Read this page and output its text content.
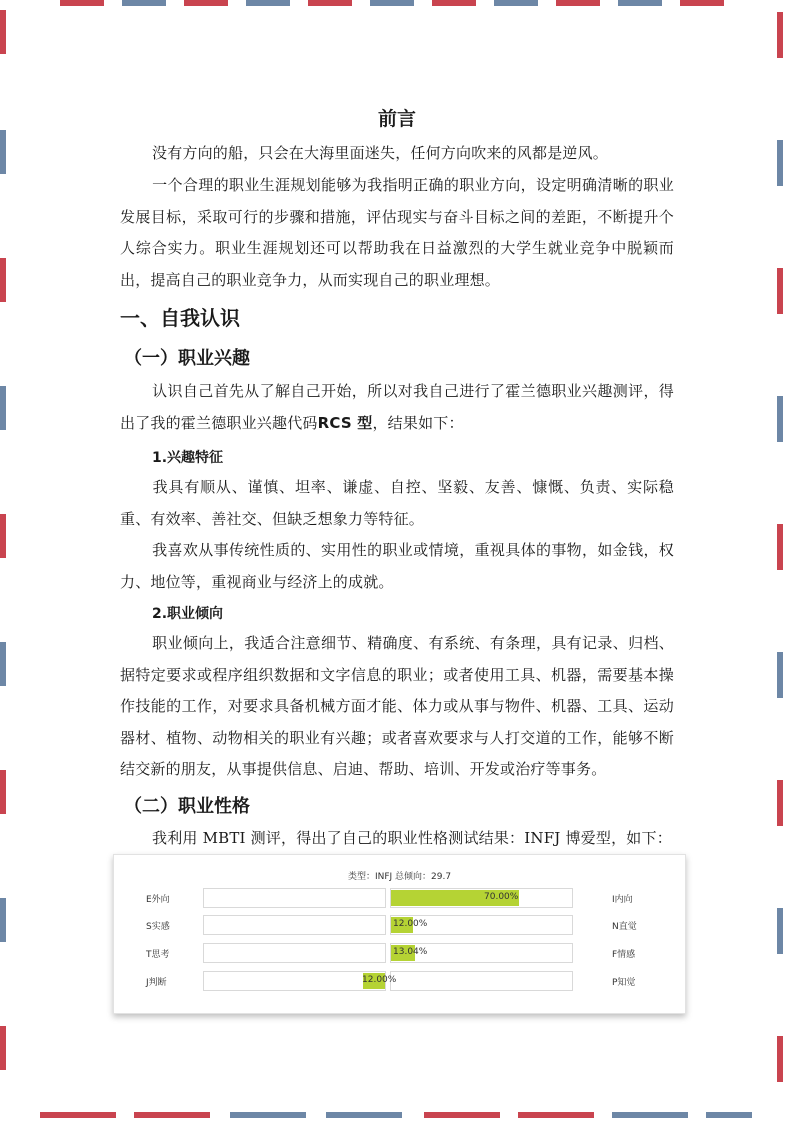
前言
没有方向的船，只会在大海里面迷失，任何方向吹来的风都是逆风。
一个合理的职业生涯规划能够为我指明正确的职业方向，设定明确清晰的职业发展目标，采取可行的步骤和措施，评估现实与奋斗目标之间的差距，不断提升个人综合实力。职业生涯规划还可以帮助我在日益激烈的大学生就业竞争中脱颖而出，提高自己的职业竞争力，从而实现自己的职业理想。
一、自我认识
（一）职业兴趣
认识自己首先从了解自己开始，所以对我自己进行了霍兰德职业兴趣测评，得出了我的霍兰德职业兴趣代码RCS 型，结果如下：
1.兴趣特征
我具有顺从、谨慎、坦率、谦虚、自控、坚毅、友善、慷慨、负责、实际稳重、有效率、善社交、但缺乏想象力等特征。
我喜欢从事传统性质的、实用性的职业或情境，重视具体的事物，如金钱，权力、地位等，重视商业与经济上的成就。
2.职业倾向
职业倾向上，我适合注意细节、精确度、有系统、有条理，具有记录、归档、据特定要求或程序组织数据和文字信息的职业；或者使用工具、机器，需要基本操作技能的工作，对要求具备机械方面才能、体力或从事与物件、机器、工具、运动器材、植物、动物相关的职业有兴趣；或者喜欢要求与人打交道的工作，能够不断结交新的朋友，从事提供信息、启迪、帮助、培训、开发或治疗等事务。
（二）职业性格
我利用 MBTI 测评，得出了自己的职业性格测试结果：INFJ 博爱型，如下：
类型：INFJ 总倾向：29.7
E外向	70.00%	I内向
S实感	12.00%	N直觉
T思考	13.04%	F情感
J判断	12.00%	P知觉
